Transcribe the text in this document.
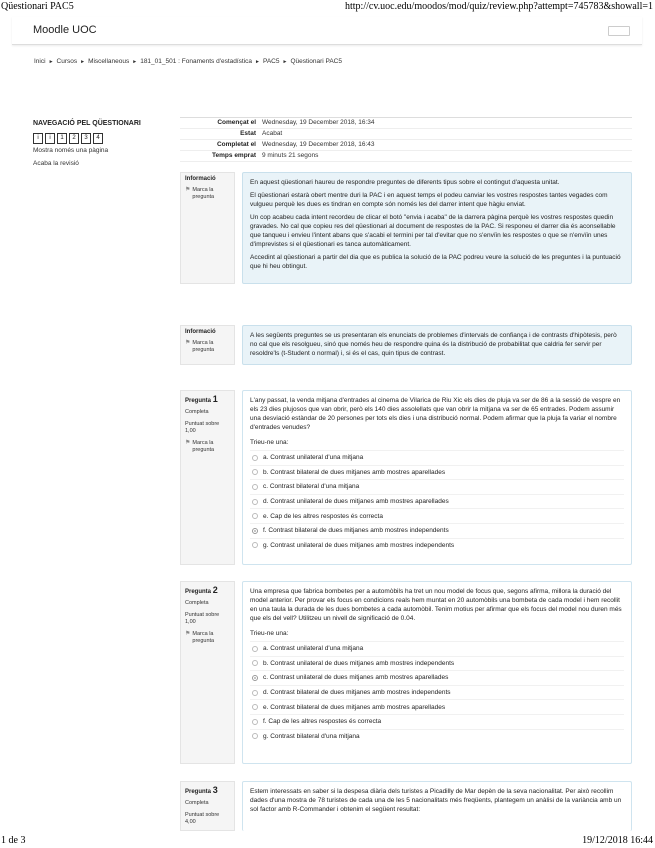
Qüestionari PAC5	http://cv.uoc.edu/moodos/mod/quiz/review.php?attempt=745783&showall=1
Moodle UOC
Inici ► Cursos ► Miscellaneous ► 181_01_501 : Fonaments d'estadística ► PAC5 ► Qüestionari PAC5
NAVEGACIÓ PEL QÜESTIONARI
i	i	1	2	3	4
Mostra només una pàgina
Acaba la revisió
Començat el Wednesday, 19 December 2018, 16:34
Estat Acabat
Completat el Wednesday, 19 December 2018, 16:43
Temps emprat 9 minuts 21 segons
Informació
⚑ Marca la pregunta

En aquest qüestionari haureu de respondre preguntes de diferents tipus sobre el contingut d'aquesta unitat.

El qüestionari estarà obert mentre duri la PAC i en aquest temps el podeu canviar les vostres respostes tantes vegades com vulgueu perquè les dues es tindran en compte són només les del darrer intent que hàgiu enviat.

Un cop acabeu cada intent recordeu de clicar el botó "envia i acaba" de la darrera pàgina perquè les vostres respostes quedin gravades. No cal que copieu res del qüestionari al document de respostes de la PAC. Si responeu el darrer dia és aconsellable que tanqueu i envieu l'intent abans que s'acabi el termini per tal d'evitar que no s'envïin les respostes o que se n'envïin unes d'imprevistes si el qüestionari es tanca automàticament.

Accedint al qüestionari a partir del dia que es publica la solució de la PAC podreu veure la solució de les preguntes i la puntuació que hi heu obtingut.

Informació
⚑ Marca la pregunta

A les següents preguntes se us presentaran els enunciats de problemes d'intervals de confiança i de contrasts d'hipòtesis, però no cal que els resolgueu, sinó que només heu de respondre quina és la distribució de probabilitat que caldria fer servir per resoldre'ls (t-Student o normal) i, si és el cas, quin tipus de contrast.

Pregunta 1
Completa
Puntuat sobre 1,00
⚑ Marca la pregunta

L'any passat, la venda mitjana d'entrades al cinema de Vilarica de Riu Xic els dies de pluja va ser de 86 a la sessió de vespre en els 23 dies plujosos que van obrir, però els 140 dies assolellats que van obrir la mitjana va ser de 65 entrades. Podem assumir una desviació estàndar de 20 persones per tots els dies i una distribució normal. Podem afirmar que la pluja fa variar el nombre d'entrades venudes?

Trieu-ne una:
a. Contrast unilateral d'una mitjana
b. Contrast bilateral de dues mitjanes amb mostres aparellades
c. Contrast bilateral d'una mitjana
d. Contrast unilateral de dues mitjanes amb mostres aparellades
e. Cap de les altres respostes és correcta
f. Contrast bilateral de dues mitjanes amb mostres independents
g. Contrast unilateral de dues mitjanes amb mostres independents
Pregunta 2
Completa
Puntuat sobre 1,00
⚑ Marca la pregunta

Una empresa que fabrica bombetes per a automòbils ha tret un nou model de focus que, segons afirma, millora la duració del model anterior. Per provar els focus en condicions reals hem muntat en 20 automòbils una bombeta de cada model i hem recollit en una taula la durada de les dues bombetes a cada automòbil. Tenim motius per afirmar que els focus del model nou duren més que els del vell? Utilitzeu un nivell de significació de 0.04.

Trieu-ne una:
a. Contrast unilateral d'una mitjana
b. Contrast unilateral de dues mitjanes amb mostres independents
c. Contrast unilateral de dues mitjanes amb mostres aparellades
d. Contrast bilateral de dues mitjanes amb mostres independents
e. Contrast bilateral de dues mitjanes amb mostres aparellades
f. Cap de les altres respostes és correcta
g. Contrast bilateral d'una mitjana
Pregunta 3
Completa
Puntuat sobre 4,00

Estem interessats en saber si la despesa diària dels turistes a Picadilly de Mar depèn de la seva nacionalitat. Per això recollim dades d'una mostra de 78 turistes de cada una de les 5 nacionalitats més freqüents, plantegem un anàlisi de la variància amb un sol factor amb R-Commander i obtenim el següent resultat:

1 de 3	19/12/2018 16:44
